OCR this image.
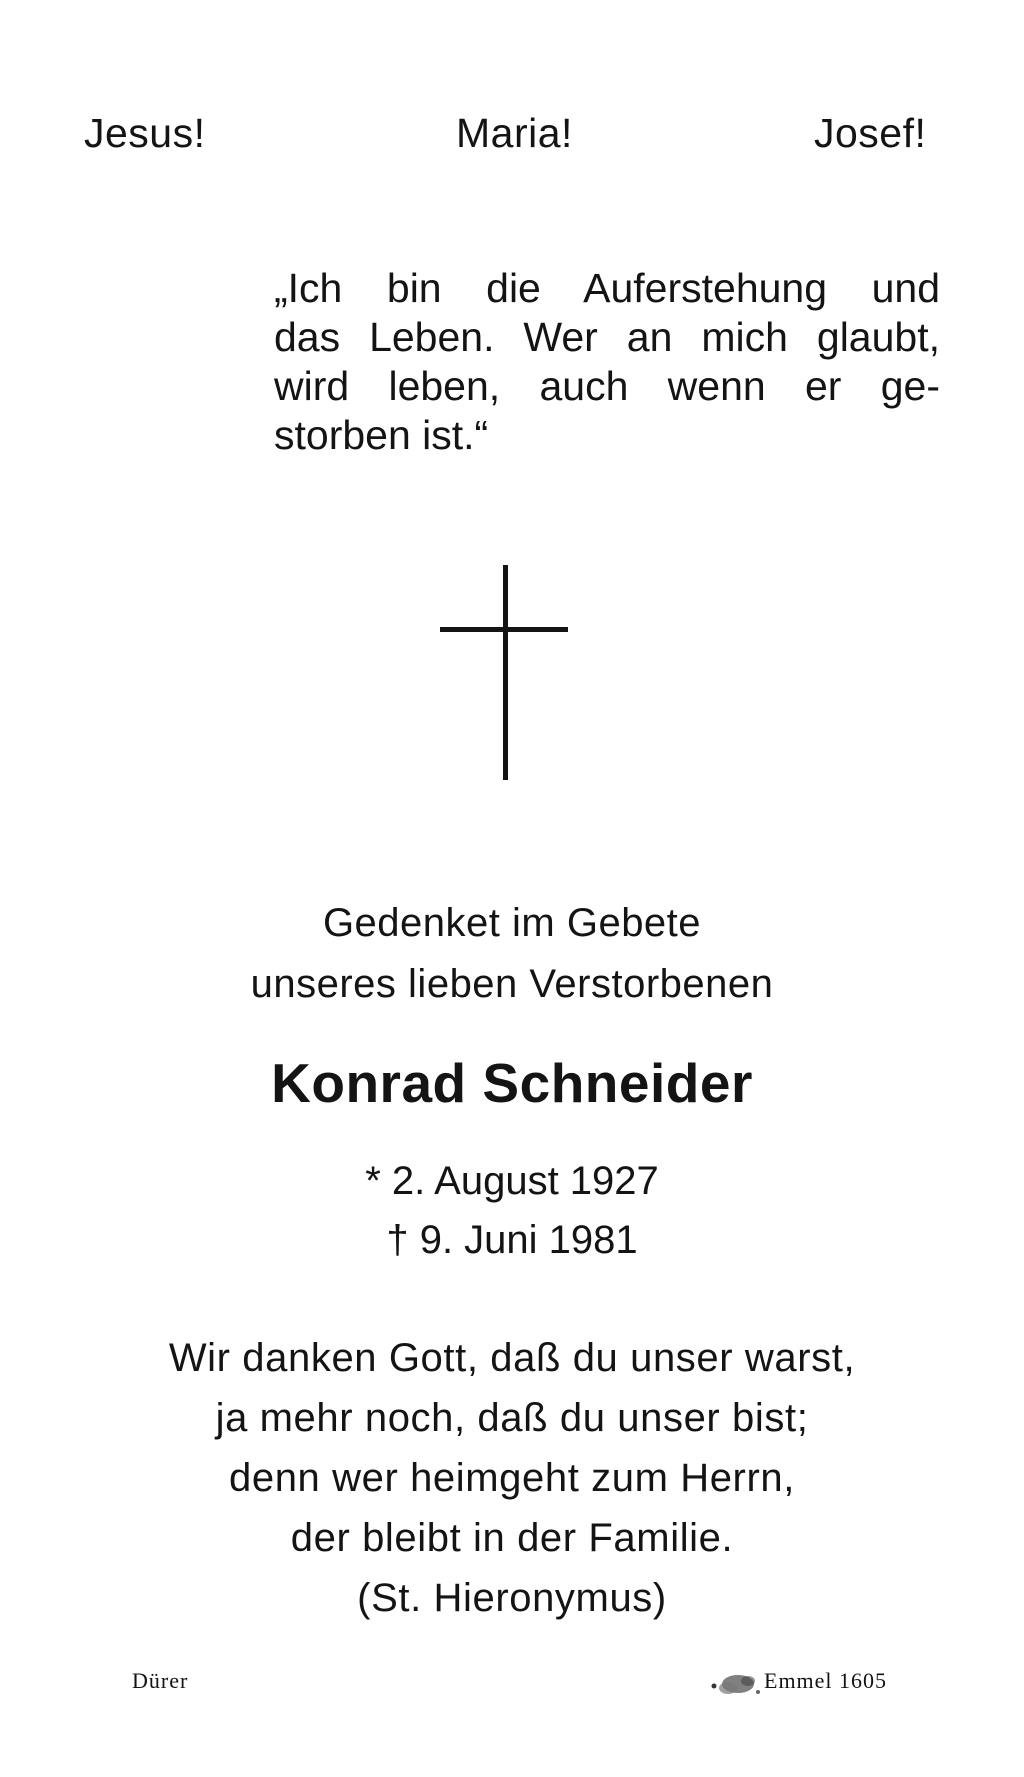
Jesus!	Maria!	Josef!
„Ich bin die Auferstehung und
das Leben. Wer an mich glaubt,
wird leben, auch wenn er ge-
storben ist.“
Gedenket im Gebete
unseres lieben Verstorbenen
Konrad Schneider
* 2. August 1927
† 9. Juni 1981
Wir danken Gott, daß du unser warst,
ja mehr noch, daß du unser bist;
denn wer heimgeht zum Herrn,
der bleibt in der Familie.
(St. Hieronymus)
Dürer	Emmel 1605
